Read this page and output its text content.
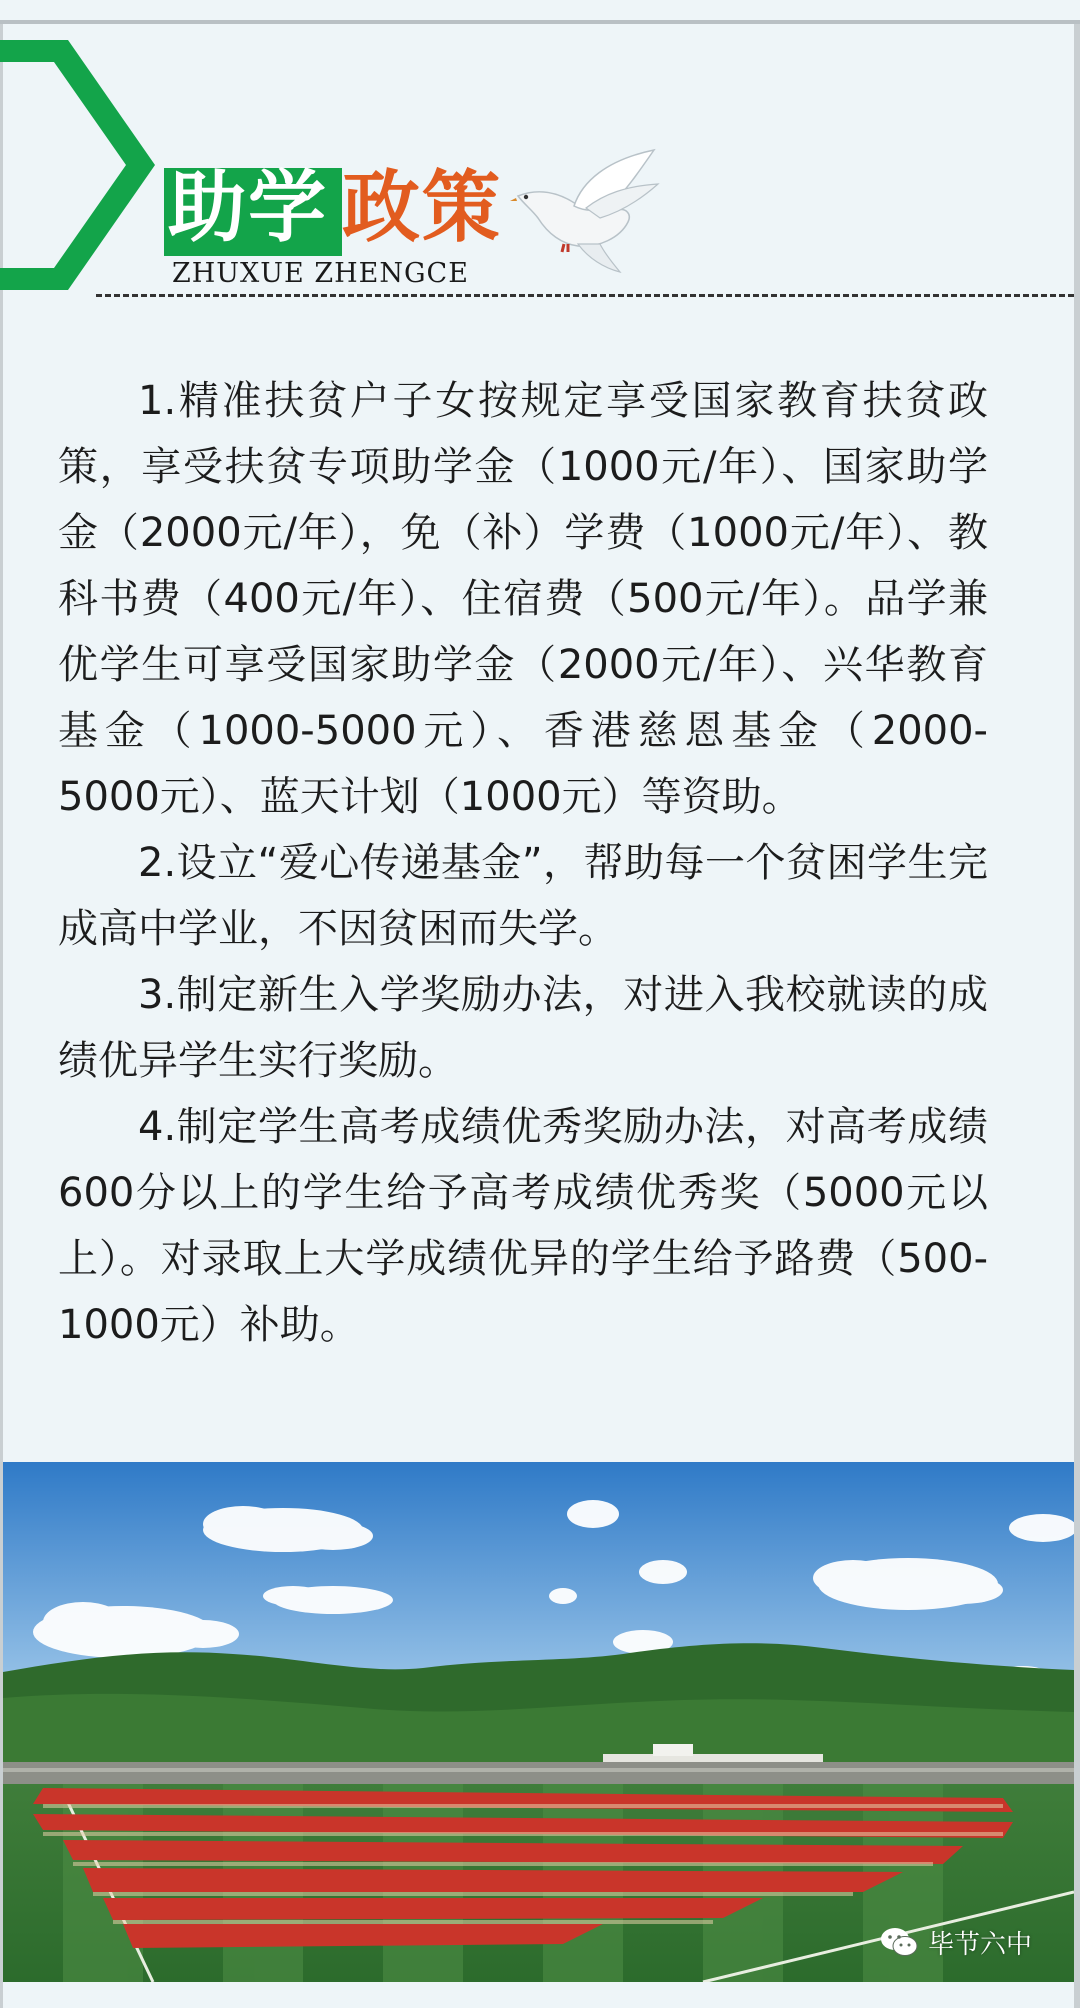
助学 政策
ZHUXUE ZHENGCE

1.精准扶贫户子女按规定享受国家教育扶贫政策，享受扶贫专项助学金（1000元/年）、国家助学金（2000元/年），免（补）学费（1000元/年）、教科书费（400元/年）、住宿费（500元/年）。品学兼优学生可享受国家助学金（2000元/年）、兴华教育基金（1000-5000元）、香港慈恩基金（2000-5000元）、蓝天计划（1000元）等资助。

2.设立“爱心传递基金”，帮助每一个贫困学生完成高中学业，不因贫困而失学。

3.制定新生入学奖励办法，对进入我校就读的成绩优异学生实行奖励。

4.制定学生高考成绩优秀奖励办法，对高考成绩600分以上的学生给予高考成绩优秀奖（5000元以上）。对录取上大学成绩优异的学生给予路费（500-1000元）补助。

毕节六中
